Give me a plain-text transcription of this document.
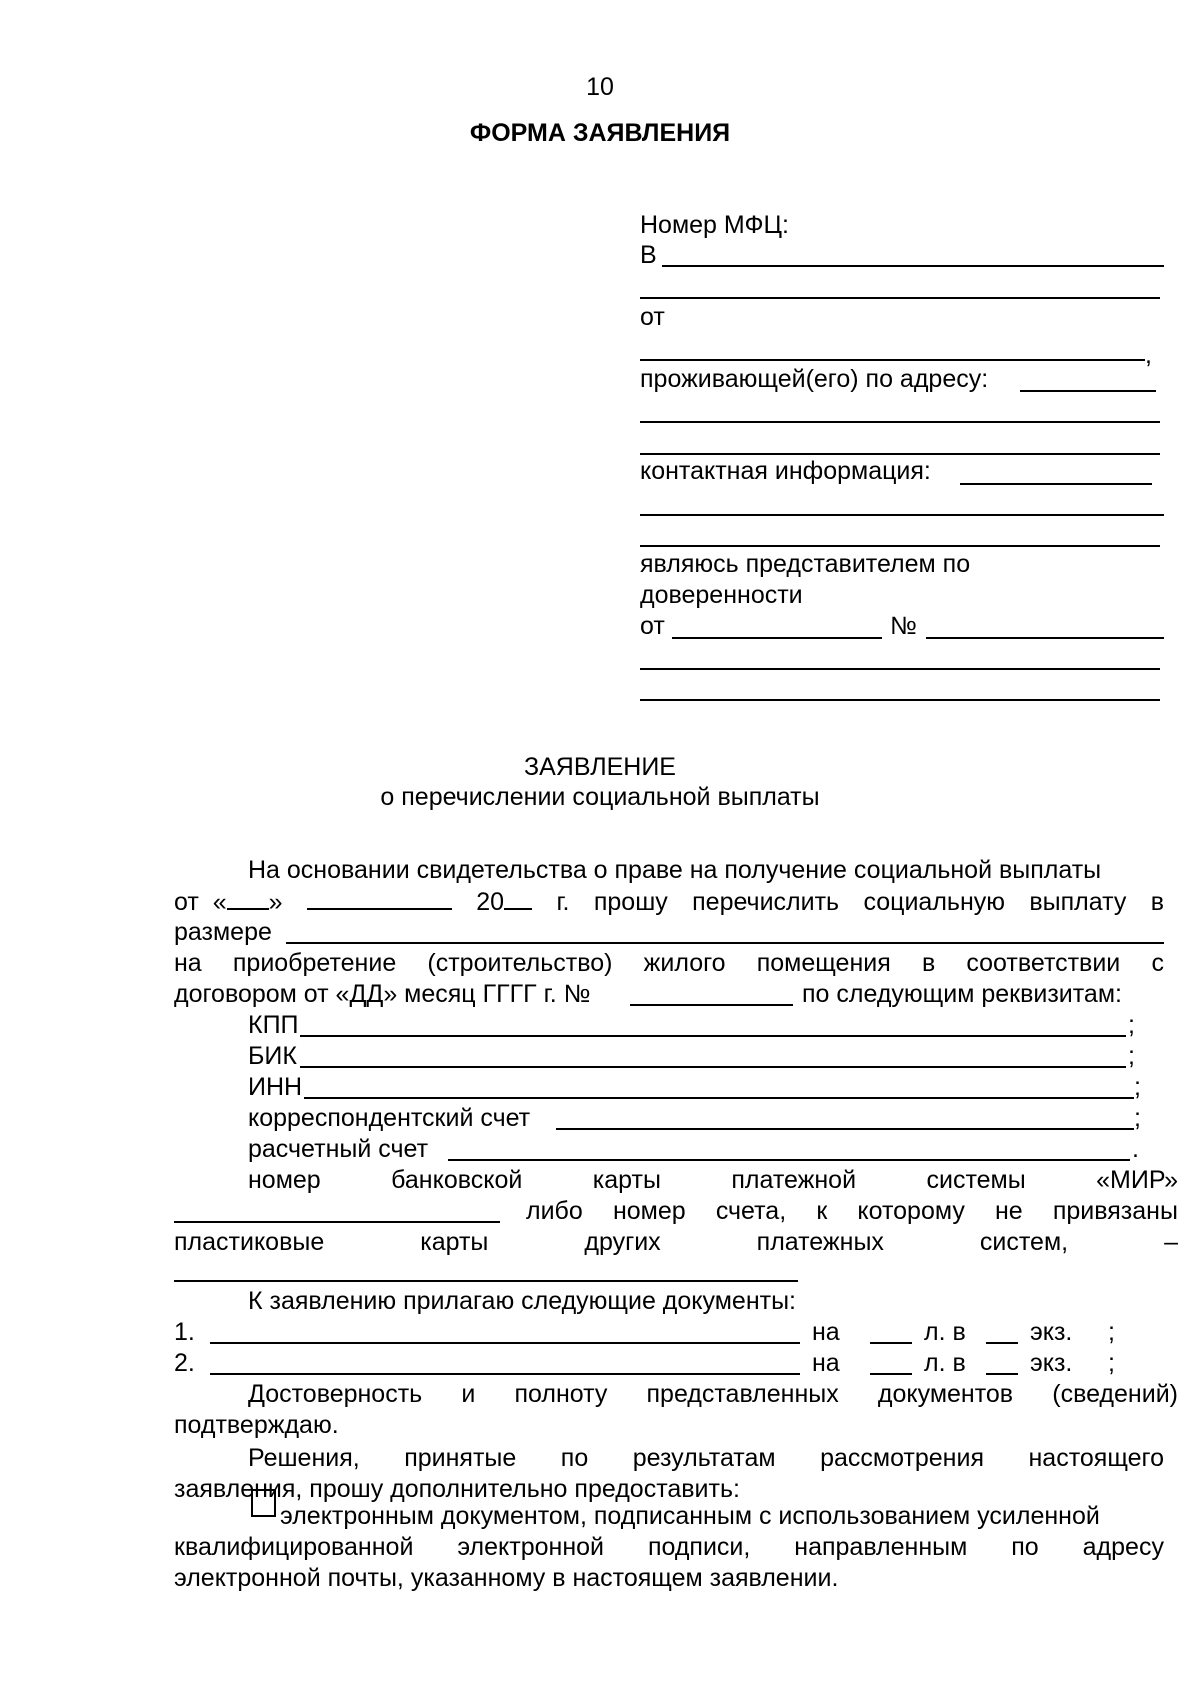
10
ФОРМА ЗАЯВЛЕНИЯ
Номер МФЦ:
В
от
,
проживающей(его) по адресу:
контактная информация:
являюсь представителем по
доверенности
от	№
ЗАЯВЛЕНИЕ
о перечислении социальной выплаты
На основании свидетельства о праве на получение социальной выплаты
от « »	20	г. прошу перечислить социальную выплату в
размере
на приобретение (строительство) жилого помещения в соответствии с
договором от «ДД» месяц ГГГГ г. №	по следующим реквизитам:
КПП	;
БИК	;
ИНН	;
корреспондентский счет	;
расчетный счет	.
номер	банковской	карты	платежной	системы	«МИР»
либо номер счета, к которому не привязаны
пластиковые	карты	других	платежных	систем,	–
К заявлению прилагаю следующие документы:
1.	на	л. в	экз. ;
2.	на	л. в	экз. ;
Достоверность и полноту представленных документов (сведений)
подтверждаю.
Решения, принятые по результатам рассмотрения настоящего
заявления, прошу дополнительно предоставить:
электронным документом, подписанным с использованием усиленной
квалифицированной электронной подписи, направленным по адресу
электронной почты, указанному в настоящем заявлении.
